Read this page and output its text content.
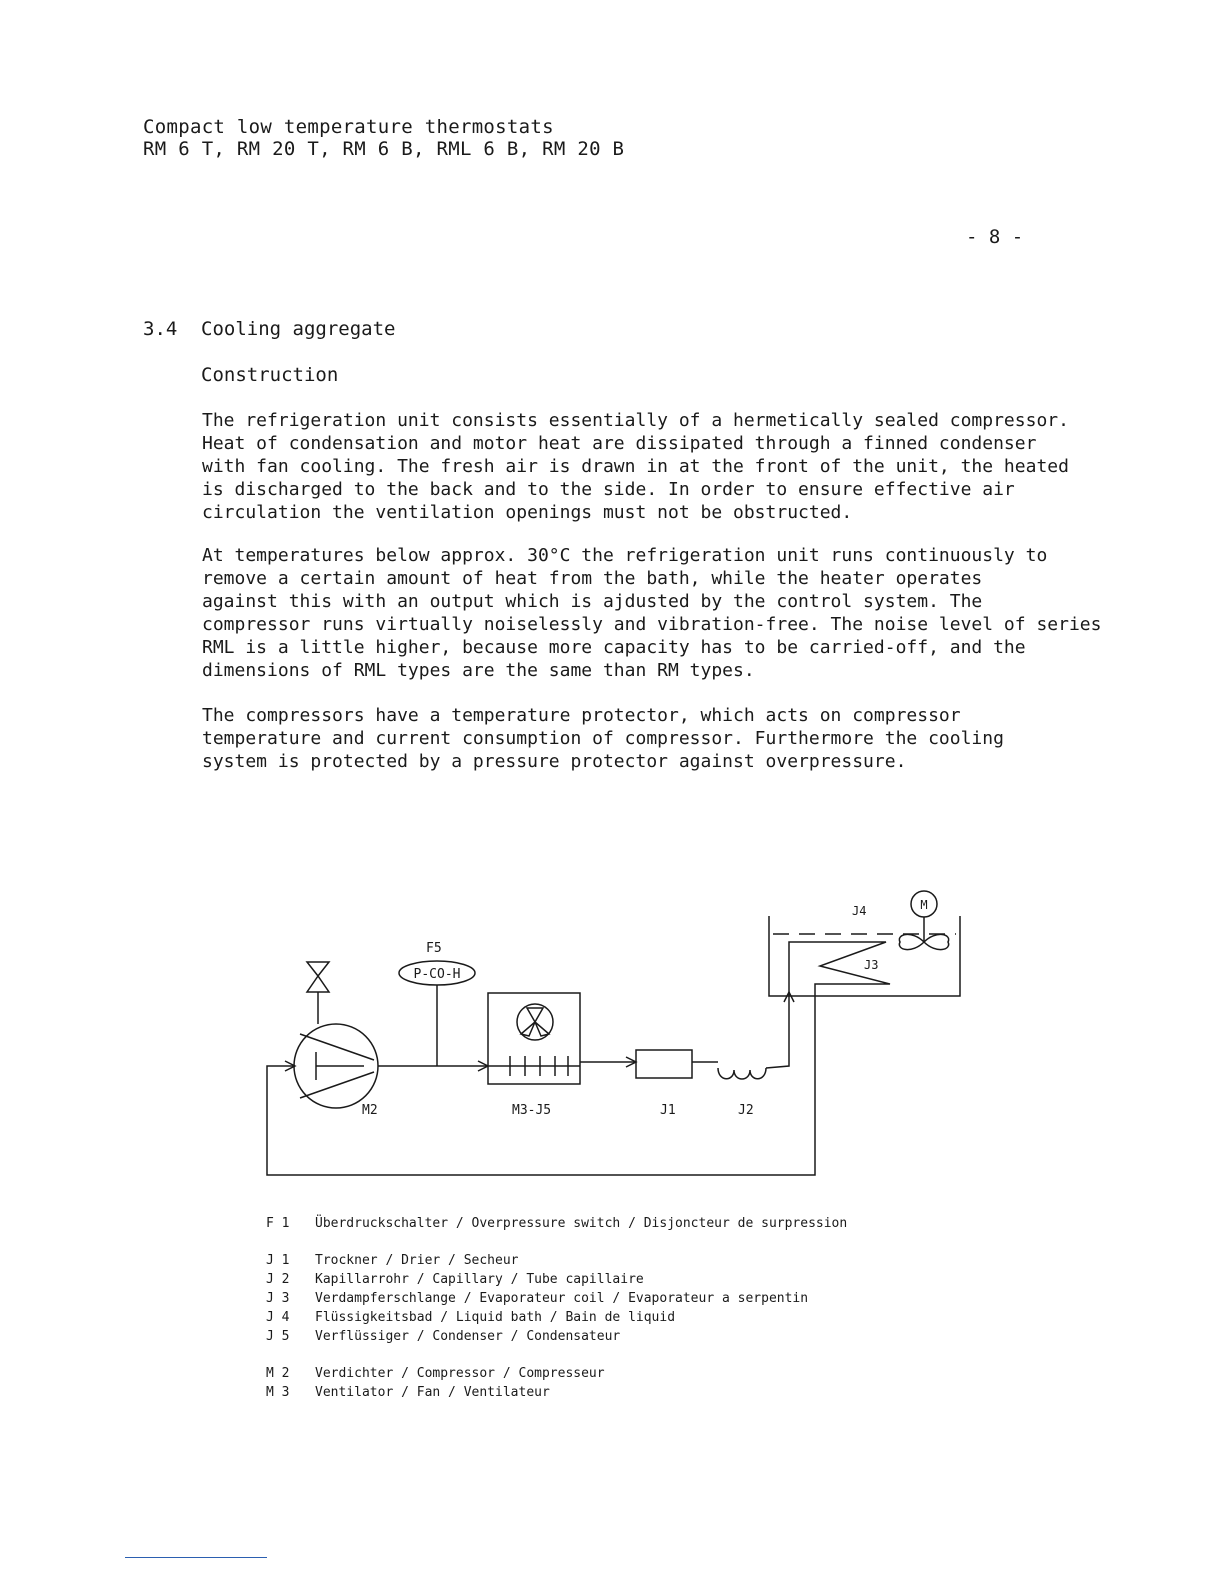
Compact low temperature thermostats
RM 6 T, RM 20 T, RM 6 B, RML 6 B, RM 20 B
- 8 -
3.4 Cooling aggregate
Construction
The refrigeration unit consists essentially of a hermetically sealed compressor.
Heat of condensation and motor heat are dissipated through a finned condenser
with fan cooling. The fresh air is drawn in at the front of the unit, the heated
is discharged to the back and to the side. In order to ensure effective air
circulation the ventilation openings must not be obstructed.
At temperatures below approx. 30°C the refrigeration unit runs continuously to
remove a certain amount of heat from the bath, while the heater operates
against this with an output which is ajdusted by the control system. The
compressor runs virtually noiselessly and vibration-free. The noise level of series
RML is a little higher, because more capacity has to be carried-off, and the
dimensions of RML types are the same than RM types.
The compressors have a temperature protector, which acts on compressor
temperature and current consumption of compressor. Furthermore the cooling
system is protected by a pressure protector against overpressure.
F5
P-CO-H
M2	M3-J5	J1	J2
J3
J4	M
F 1 Überdruckschalter / Overpressure switch / Disjoncteur de surpression
J 1 Trockner / Drier / Secheur
J 2 Kapillarrohr / Capillary / Tube capillaire
J 3 Verdampferschlange / Evaporateur coil / Evaporateur a serpentin
J 4 Flüssigkeitsbad / Liquid bath / Bain de liquid
J 5 Verflüssiger / Condenser / Condensateur
M 2 Verdichter / Compressor / Compresseur
M 3 Ventilator / Fan / Ventilateur
